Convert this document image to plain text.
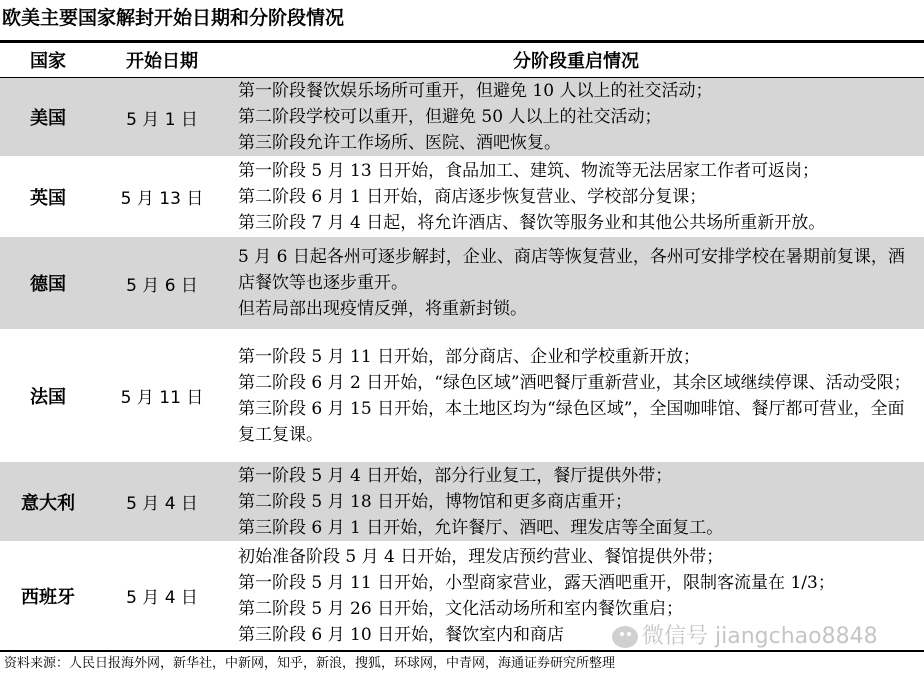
欧美主要国家解封开始日期和分阶段情况
国家	开始日期	分阶段重启情况
美国	5 月 1 日	第一阶段餐饮娱乐场所可重开，但避免 10 人以上的社交活动；
第二阶段学校可以重开，但避免 50 人以上的社交活动；
第三阶段允许工作场所、医院、酒吧恢复。

英国	5 月 13 日	第一阶段 5 月 13 日开始，食品加工、建筑、物流等无法居家工作者可返岗；
第二阶段 6 月 1 日开始，商店逐步恢复营业、学校部分复课；
第三阶段 7 月 4 日起，将允许酒店、餐饮等服务业和其他公共场所重新开放。

德国	5 月 6 日	5 月 6 日起各州可逐步解封，企业、商店等恢复营业，各州可安排学校在暑期前复课，酒店餐饮等也逐步重开。
但若局部出现疫情反弹，将重新封锁。

法国	5 月 11 日	第一阶段 5 月 11 日开始，部分商店、企业和学校重新开放；
第二阶段 6 月 2 日开始，“绿色区域”酒吧餐厅重新营业，其余区域继续停课、活动受限；
第三阶段 6 月 15 日开始，本土地区均为“绿色区域”，全国咖啡馆、餐厅都可营业，全面复工复课。

意大利	5 月 4 日	第一阶段 5 月 4 日开始，部分行业复工，餐厅提供外带；
第二阶段 5 月 18 日开始，博物馆和更多商店重开；
第三阶段 6 月 1 日开始，允许餐厅、酒吧、理发店等全面复工。

西班牙	5 月 4 日	初始准备阶段 5 月 4 日开始，理发店预约营业、餐馆提供外带；
第一阶段 5 月 11 日开始，小型商家营业，露天酒吧重开，限制客流量在 1/3；
第二阶段 5 月 26 日开始，文化活动场所和室内餐饮重启；
第三阶段 6 月 10 日开始，餐饮室内和商店	微信号 jiangchao8848
资料来源：人民日报海外网，新华社，中新网，知乎，新浪，搜狐，环球网，中青网，海通证券研究所整理
